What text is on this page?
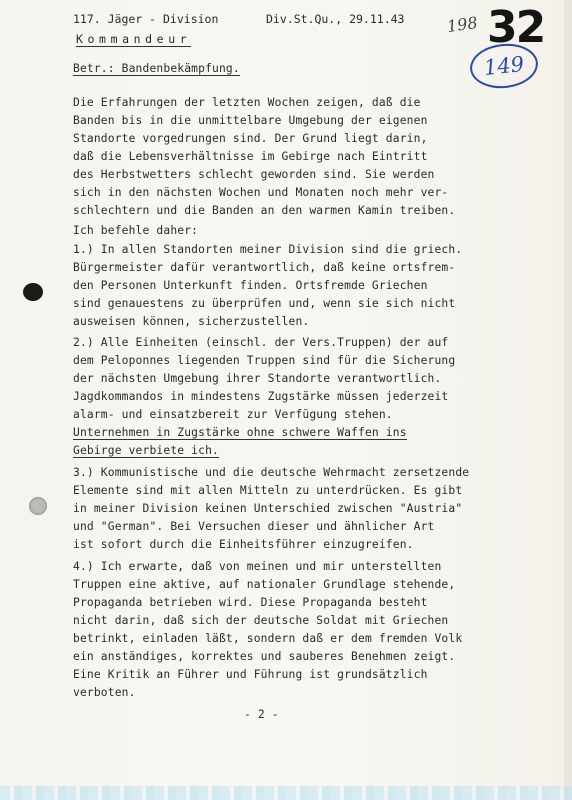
117. Jäger - Division	Div.St.Qu., 29.11.43
Kommandeur
198 32
149
Betr.: Bandenbekämpfung.
Die Erfahrungen der letzten Wochen zeigen, daß die
Banden bis in die unmittelbare Umgebung der eigenen
Standorte vorgedrungen sind. Der Grund liegt darin,
daß die Lebensverhältnisse im Gebirge nach Eintritt
des Herbstwetters schlecht geworden sind. Sie werden
sich in den nächsten Wochen und Monaten noch mehr ver-
schlechtern und die Banden an den warmen Kamin treiben.
Ich befehle daher:
1.) In allen Standorten meiner Division sind die griech.
Bürgermeister dafür verantwortlich, daß keine ortsfrem-
den Personen Unterkunft finden. Ortsfremde Griechen
sind genauestens zu überprüfen und, wenn sie sich nicht
ausweisen können, sicherzustellen.
2.) Alle Einheiten (einschl. der Vers.Truppen) der auf
dem Peloponnes liegenden Truppen sind für die Sicherung
der nächsten Umgebung ihrer Standorte verantwortlich.
Jagdkommandos in mindestens Zugstärke müssen jederzeit
alarm- und einsatzbereit zur Verfügung stehen.
Unternehmen in Zugstärke ohne schwere Waffen ins
Gebirge verbiete ich.
3.) Kommunistische und die deutsche Wehrmacht zersetzende
Elemente sind mit allen Mitteln zu unterdrücken. Es gibt
in meiner Division keinen Unterschied zwischen "Austria"
und "German". Bei Versuchen dieser und ähnlicher Art
ist sofort durch die Einheitsführer einzugreifen.
4.) Ich erwarte, daß von meinen und mir unterstellten
Truppen eine aktive, auf nationaler Grundlage stehende,
Propaganda betrieben wird. Diese Propaganda besteht
nicht darin, daß sich der deutsche Soldat mit Griechen
betrinkt, einladen läßt, sondern daß er dem fremden Volk
ein anständiges, korrektes und sauberes Benehmen zeigt.
Eine Kritik an Führer und Führung ist grundsätzlich
verboten.
- 2 -
